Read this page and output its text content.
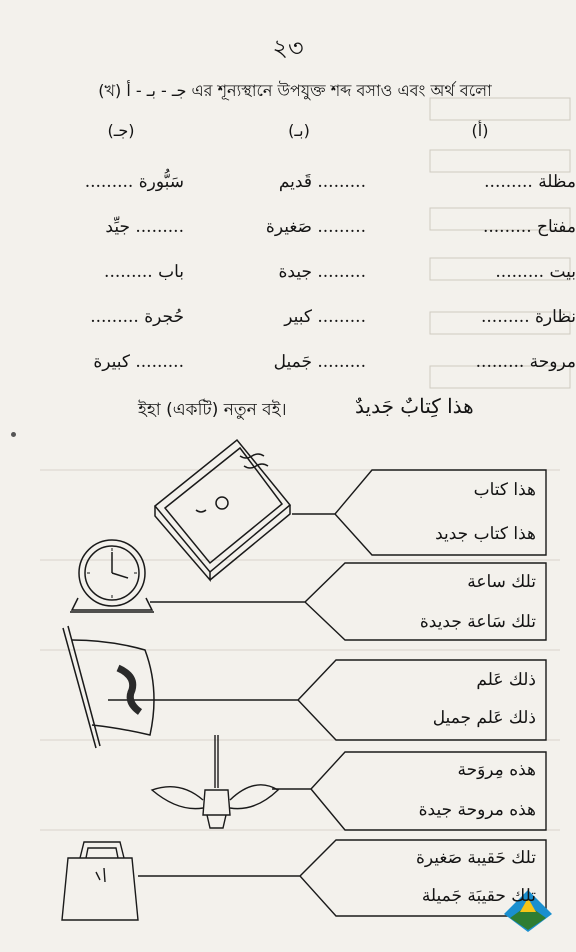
২৩
(খ) جـ - بـ - أ এর শূন্যস্থানে উপযুক্ত শব্দ বসাও এবং অর্থ বলো
(جـ)	(بـ)	(أ)
سَبُّورة .........	......... قَديم	مظلة .........
......... جيِّد	......... صَغيرة	مفتاح .........
باب .........	......... جيدة	بيت .........
حُجرة .........	......... كبير	نظارة .........
......... كبيرة	......... جَميل	مروحة .........
ইহা (একটি) নতুন বই।	هذا كِتابٌ جَديدٌ
هذا كتاب
هذا كتاب جديد
تلك ساعة
تلك سَاعة جديدة
ذلك عَلم
ذلك عَلم جميل
هذه مِروَحة
هذه مروحة جيدة
تلك حَقيبة صَغيرة
تلك حقيبَة جَميلة
